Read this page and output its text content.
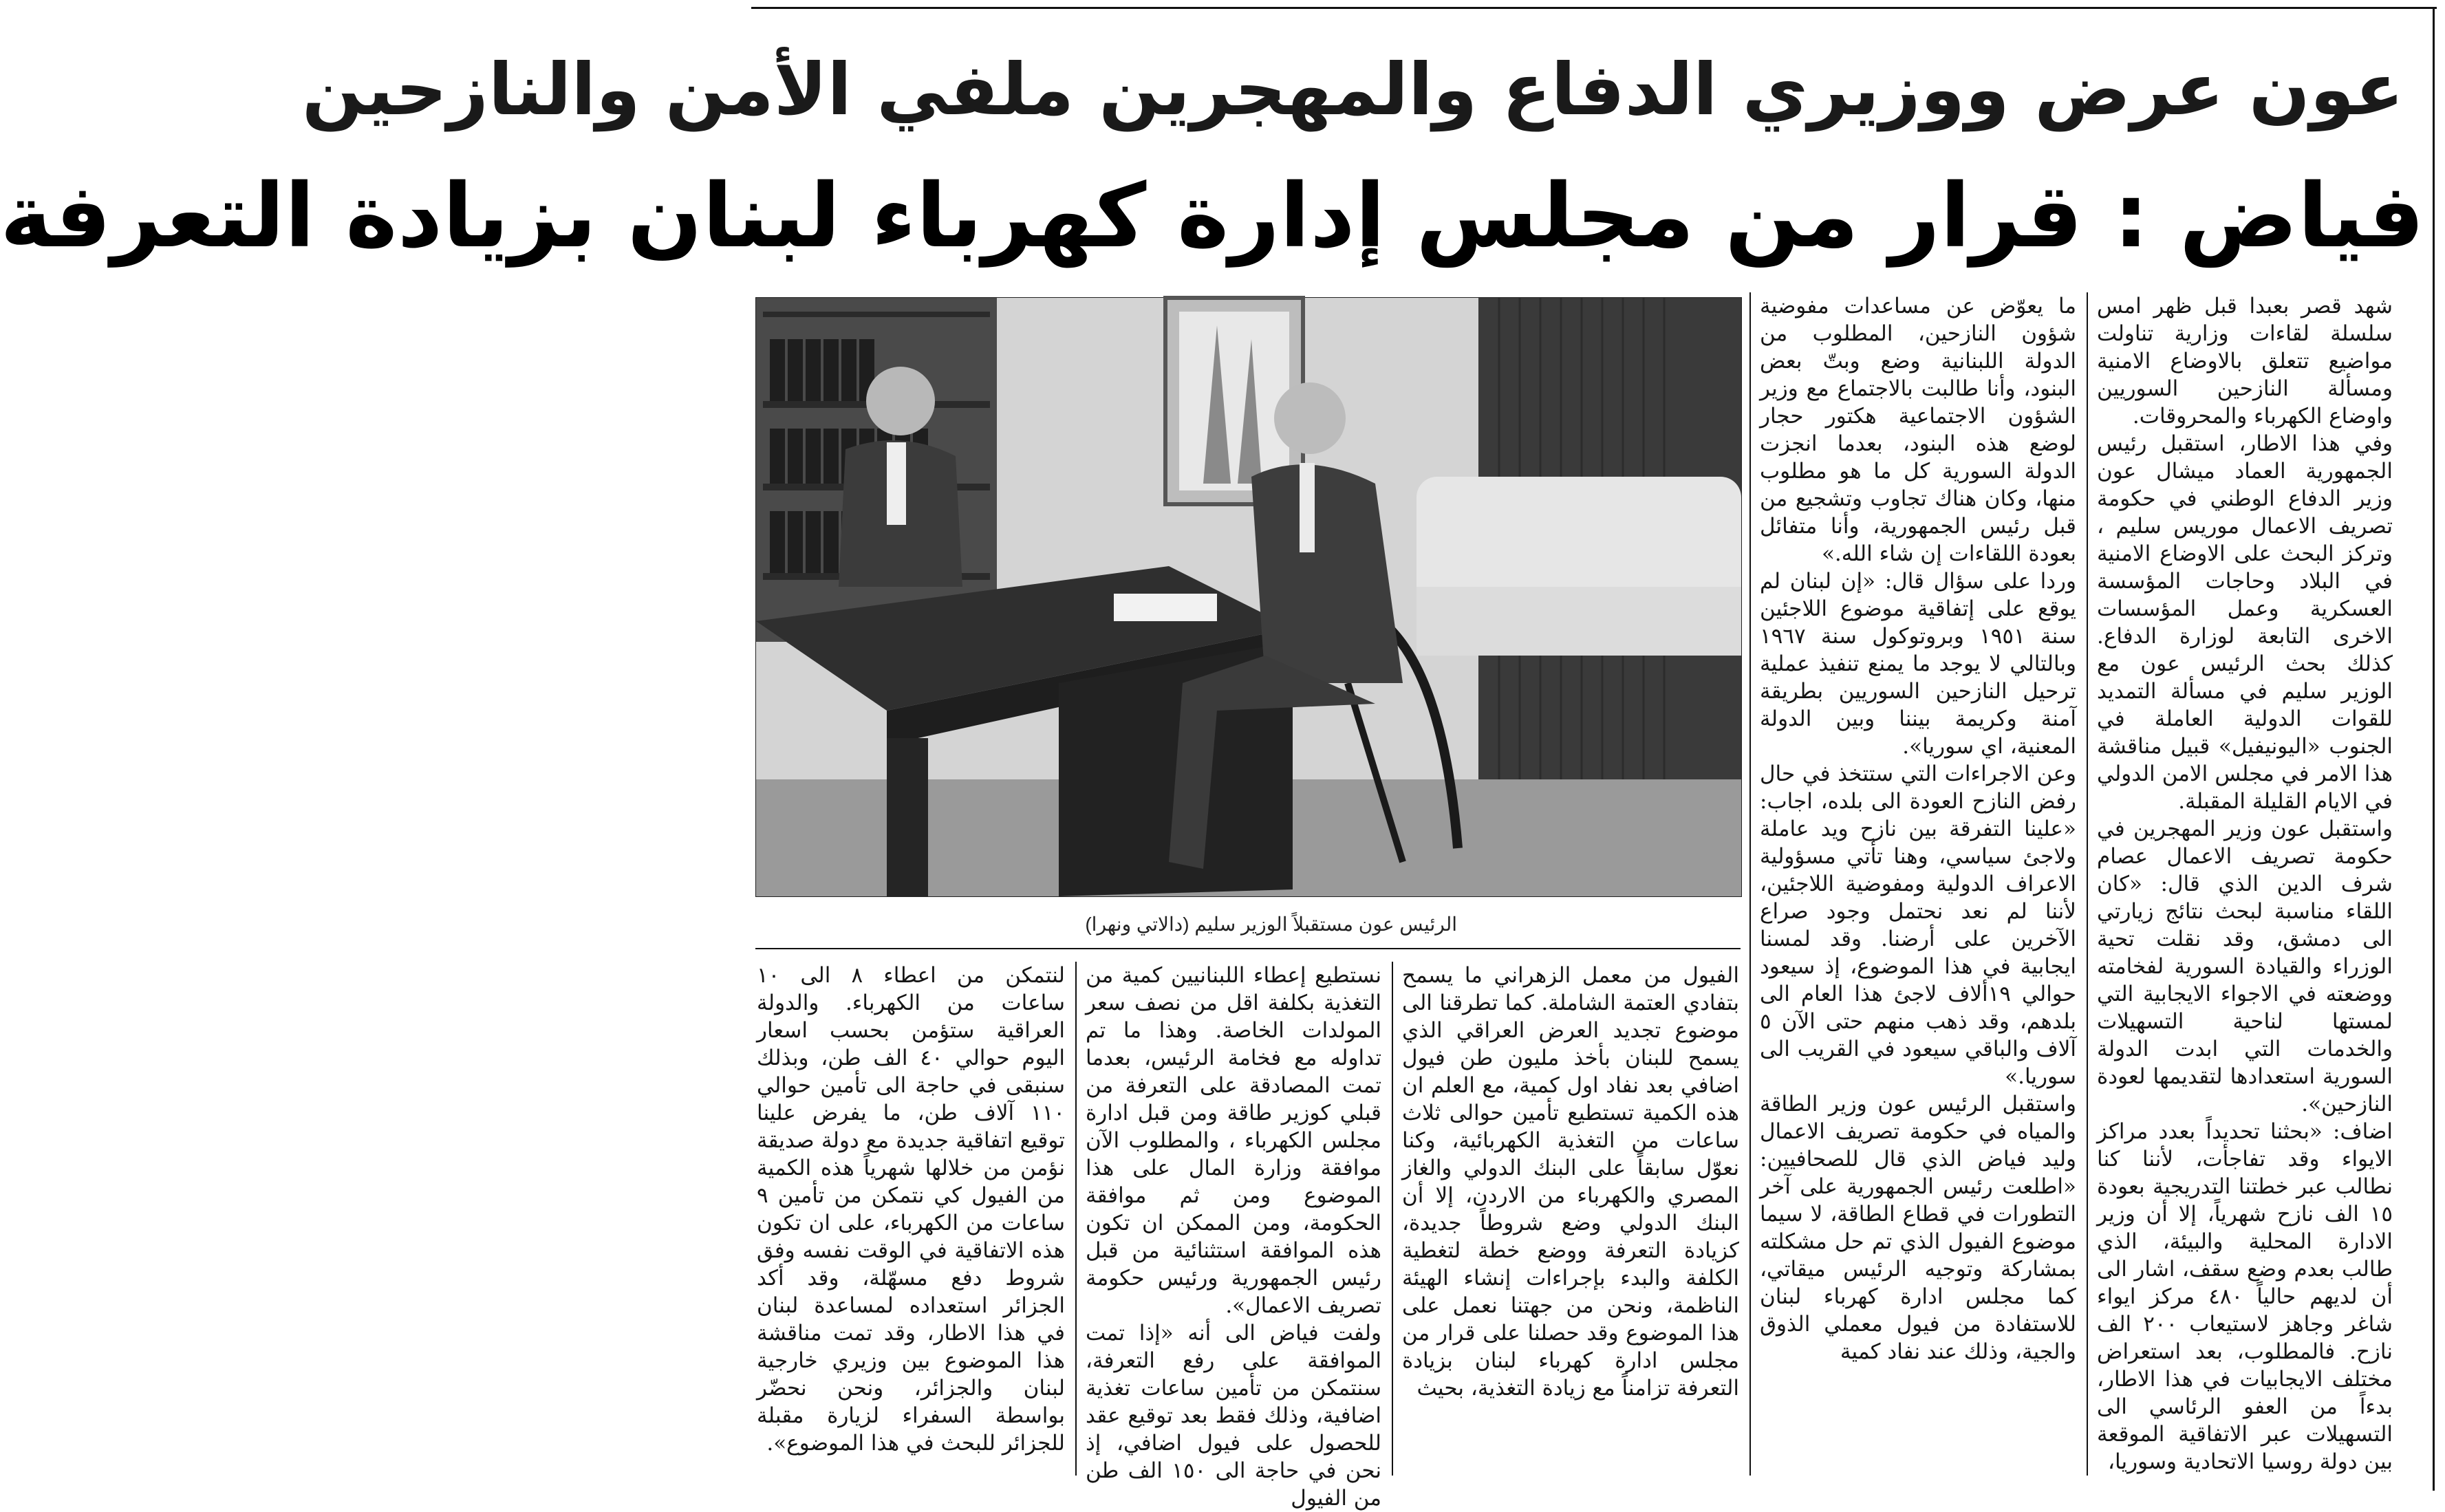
عون عرض ووزيري الدفاع والمهجرين ملفي الأمن والنازحين
فياض : قرار من مجلس إدارة كهرباء لبنان بزيادة التعرفة

شهد قصر بعبدا قبل ظهر امس سلسلة لقاءات وزارية تناولت مواضيع تتعلق بالاوضاع الامنية ومسألة النازحين السوريين واوضاع الكهرباء والمحروقات.

وفي هذا الاطار، استقبل رئيس الجمهورية العماد ميشال عون وزير الدفاع الوطني في حكومة تصريف الاعمال موريس سليم ، وتركز البحث على الاوضاع الامنية في البلاد وحاجات المؤسسة العسكرية وعمل المؤسسات الاخرى التابعة لوزارة الدفاع. كذلك بحث الرئيس عون مع الوزير سليم في مسألة التمديد للقوات الدولية العاملة في الجنوب «اليونيفيل» قبيل مناقشة هذا الامر في مجلس الامن الدولي في الايام القليلة المقبلة.

واستقبل عون وزير المهجرين في حكومة تصريف الاعمال عصام شرف الدين الذي قال: «كان اللقاء مناسبة لبحث نتائج زيارتي الى دمشق، وقد نقلت تحية الوزراء والقيادة السورية لفخامته ووضعته في الاجواء الايجابية التي لمستها لناحية التسهيلات والخدمات التي ابدت الدولة السورية استعدادها لتقديمها لعودة النازحين».

اضاف: «بحثنا تحديداً بعدد مراكز الايواء وقد تفاجأت، لأننا كنا نطالب عبر خطتنا التدريجية بعودة ١٥ الف نازح شهرياً، إلا أن وزير الادارة المحلية والبيئة، الذي طالب بعدم وضع سقف، اشار الى أن لديهم حالياً ٤٨٠ مركز ايواء شاغر وجاهز لاستيعاب ٢٠٠ الف نازح. فالمطلوب، بعد استعراض مختلف الايجابيات في هذا الاطار، بدءاً من العفو الرئاسي الى التسهيلات عبر الاتفاقية الموقعة بين دولة روسيا الاتحادية وسوريا،

ما يعوّض عن مساعدات مفوضية شؤون النازحين، المطلوب من الدولة اللبنانية وضع وبتّ بعض البنود، وأنا طالبت بالاجتماع مع وزير الشؤون الاجتماعية هكتور حجار لوضع هذه البنود، بعدما انجزت الدولة السورية كل ما هو مطلوب منها، وكان هناك تجاوب وتشجيع من قبل رئيس الجمهورية، وأنا متفائل بعودة اللقاءات إن شاء الله.»

وردا على سؤال قال: «إن لبنان لم يوقع على إتفاقية موضوع اللاجئين سنة ١٩٥١ وبروتوكول سنة ١٩٦٧ وبالتالي لا يوجد ما يمنع تنفيذ عملية ترحيل النازحين السوريين بطريقة آمنة وكريمة بيننا وبين الدولة المعنية، اي سوريا».

وعن الاجراءات التي ستتخذ في حال رفض النازح العودة الى بلده، اجاب: «علينا التفرقة بين نازح ويد عاملة ولاجئ سياسي، وهنا تأتي مسؤولية الاعراف الدولية ومفوضية اللاجئين، لأننا لم نعد نحتمل وجود صراع الآخرين على أرضنا. وقد لمسنا ايجابية في هذا الموضوع، إذ سيعود حوالي ١٩ألاف لاجئ هذا العام الى بلدهم، وقد ذهب منهم حتى الآن ٥ آلاف والباقي سيعود في القريب الى سوريا.»

واستقبل الرئيس عون وزير الطاقة والمياه في حكومة تصريف الاعمال وليد فياض الذي قال للصحافيين: «اطلعت رئيس الجمهورية على آخر التطورات في قطاع الطاقة، لا سيما موضوع الفيول الذي تم حل مشكلته بمشاركة وتوجيه الرئيس ميقاتي، كما مجلس ادارة كهرباء لبنان للاستفادة من فيول معملي الذوق والجية، وذلك عند نفاد كمية

الرئيس عون مستقبلاً الوزير سليم (دالاتي ونهرا)

الفيول من معمل الزهراني ما يسمح بتفادي العتمة الشاملة. كما تطرقنا الى موضوع تجديد العرض العراقي الذي يسمح للبنان بأخذ مليون طن فيول اضافي بعد نفاد اول كمية، مع العلم ان هذه الكمية تستطيع تأمين حوالى ثلاث ساعات من التغذية الكهربائية، وكنا نعوّل سابقاً على البنك الدولي والغاز المصري والكهرباء من الاردن، إلا أن البنك الدولي وضع شروطاً جديدة، كزيادة التعرفة ووضع خطة لتغطية الكلفة والبدء بإجراءات إنشاء الهيئة الناظمة، ونحن من جهتنا نعمل على هذا الموضوع وقد حصلنا على قرار من مجلس ادارة كهرباء لبنان بزيادة التعرفة تزامناً مع زيادة التغذية، بحيث

نستطيع إعطاء اللبنانيين كمية من التغذية بكلفة اقل من نصف سعر المولدات الخاصة. وهذا ما تم تداوله مع فخامة الرئيس، بعدما تمت المصادقة على التعرفة من قبلي كوزير طاقة ومن قبل ادارة مجلس الكهرباء ، والمطلوب الآن موافقة وزارة المال على هذا الموضوع ومن ثم موافقة الحكومة، ومن الممكن ان تكون هذه الموافقة استثنائية من قبل رئيس الجمهورية ورئيس حكومة تصريف الاعمال».

ولفت فياض الى أنه «إذا تمت الموافقة على رفع التعرفة، سنتمكن من تأمين ساعات تغذية اضافية، وذلك فقط بعد توقيع عقد للحصول على فيول اضافي، إذ نحن في حاجة الى ١٥٠ الف طن من الفيول

لنتمكن من اعطاء ٨ الى ١٠ ساعات من الكهرباء. والدولة العراقية ستؤمن بحسب اسعار اليوم حوالي ٤٠ الف طن، وبذلك سنبقى في حاجة الى تأمين حوالي ١١٠ آلاف طن، ما يفرض علينا توقيع اتفاقية جديدة مع دولة صديقة نؤمن من خلالها شهرياً هذه الكمية من الفيول كي نتمكن من تأمين ٩ ساعات من الكهرباء، على ان تكون هذه الاتفاقية في الوقت نفسه وفق شروط دفع مسهّلة، وقد أكد الجزائر استعداده لمساعدة لبنان في هذا الاطار، وقد تمت مناقشة هذا الموضوع بين وزيري خارجية لبنان والجزائر، ونحن نحضّر بواسطة السفراء لزيارة مقبلة للجزائر للبحث في هذا الموضوع».
